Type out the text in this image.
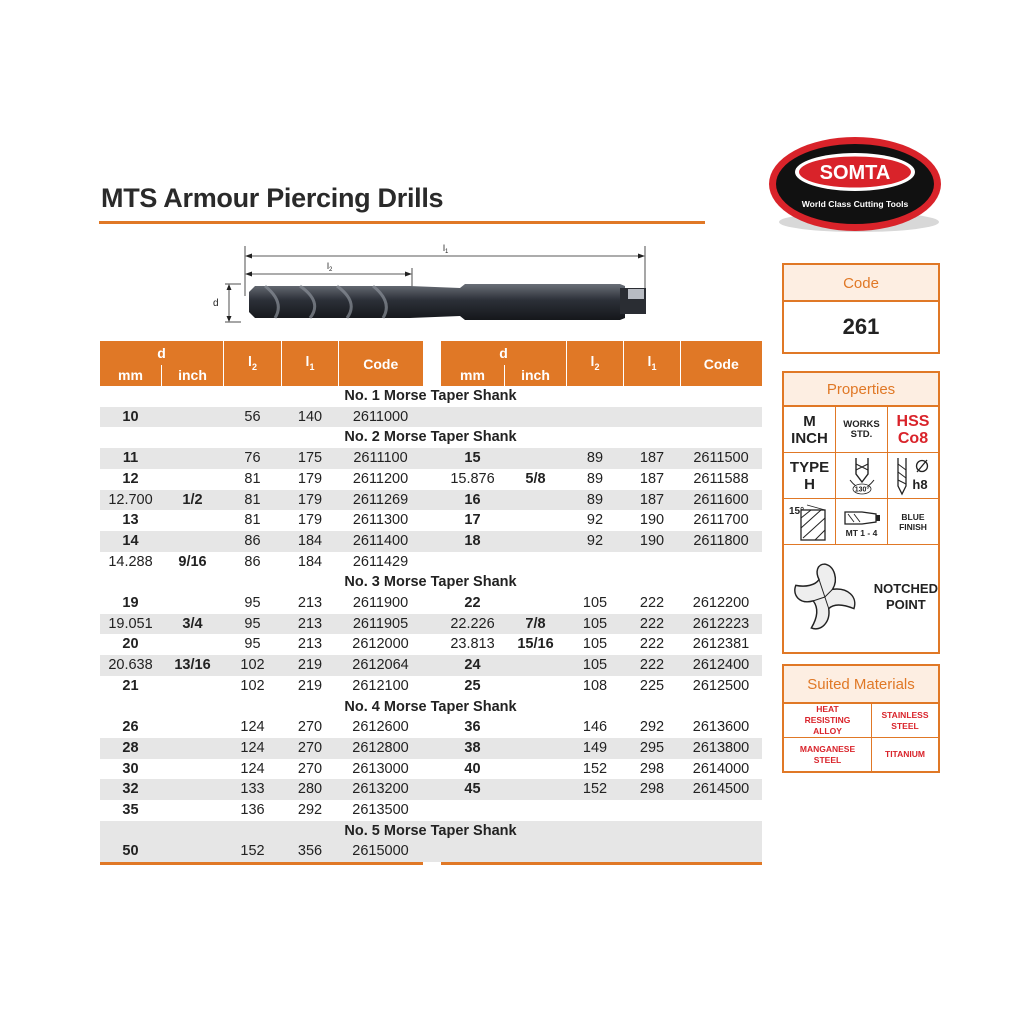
MTS Armour Piercing Drills
SOMTA
World Class Cutting Tools
$l_1$
$l_2$
d
d		$l_2$	$l_1$	Code	
mm	inch				
No. 1 Morse Taper Shank					
10		56	140	2611000	
No. 2 Morse Taper Shank					
11		76	175	2611100	
12		81	179	2611200	
12.700	1/2	81	179	2611269	
13		81	179	2611300	
14		86	184	2611400	
14.288	9/16	86	184	2611429	
No. 3 Morse Taper Shank					
19		95	213	2611900	
19.051	3/4	95	213	2611905	
20		95	213	2612000	
20.638	13/16	102	219	2612064	
21		102	219	2612100	
No. 4 Morse Taper Shank					
26		124	270	2612600	
28		124	270	2612800	
30		124	270	2613000	
32		133	280	2613200	
35		136	292	2613500	
No. 5 Morse Taper Shank					
50		152	356	2615000	

d		$l_2$	$l_1$	Code
mm	inch			

15		89	187	2611500
15.876	5/8	89	187	2611588
16		89	187	2611600
17		92	190	2611700
18		92	190	2611800

22		105	222	2612200
22.226	7/8	105	222	2612223
23.813	15/16	105	222	2612381
24		105	222	2612400
25		108	225	2612500

36		146	292	2613600
38		149	295	2613800
40		152	298	2614000
45		152	298	2614500

Code
261
Properties
M
INCH
WORKS
STD.
HSS
Co8
TYPE
H	130°	h8
15°
MT 1 - 4
BLUE
FINISH
NOTCHED
POINT
Suited Materials
HEAT RESISTING ALLOY
STAINLESS STEEL
MANGANESE STEEL
TITANIUM
